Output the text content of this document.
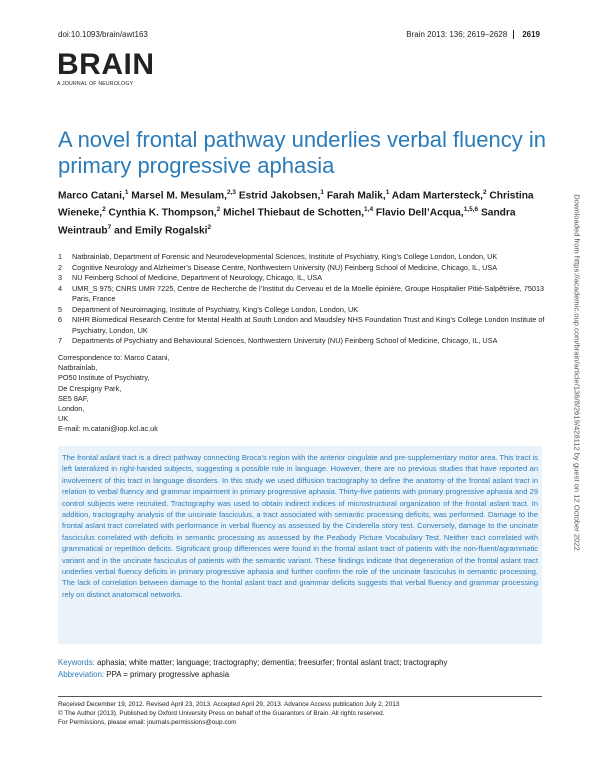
doi:10.1093/brain/awt163	Brain 2013: 136; 2619–2628 2619
BRAIN
A JOURNAL OF NEUROLOGY
A novel frontal pathway underlies verbal fluency in primary progressive aphasia
Marco Catani,$^1$ Marsel M. Mesulam,$^{2,3}$ Estrid Jakobsen,$^1$ Farah Malik,$^1$ Adam Martersteck,$^2$ Christina Wieneke,$^2$ Cynthia K. Thompson,$^2$ Michel Thiebaut de Schotten,$^{1,4}$ Flavio Dell’Acqua,$^{1,5,6}$ Sandra Weintraub$^7$ and Emily Rogalski$^2$
1	Natbrainlab, Department of Forensic and Neurodevelopmental Sciences, Institute of Psychiatry, King’s College London, London, UK
2	Cognitive Neurology and Alzheimer’s Disease Centre, Northwestern University (NU) Feinberg School of Medicine, Chicago, IL, USA
3	NU Feinberg School of Medicine, Department of Neurology, Chicago, IL, USA
4	UMR_S 975; CNRS UMR 7225, Centre de Recherche de l’Institut du Cerveau et de la Moelle épinière, Groupe Hospitalier Pitié-Salpêtrière, 75013 Paris, France
5	Department of Neuroimaging, Institute of Psychiatry, King’s College London, London, UK
6	NIHR Biomedical Research Centre for Mental Health at South London and Maudsley NHS Foundation Trust and King’s College London Institute of Psychiatry, London, UK
7	Departments of Psychiatry and Behavioural Sciences, Northwestern University (NU) Feinberg School of Medicine, Chicago, IL, USA
Correspondence to: Marco Catani,
Natbrainlab,
PO50 Institute of Psychiatry,
De Crespigny Park,
SE5 8AF,
London,
UK
E-mail: m.catani@iop.kcl.ac.uk

The frontal aslant tract is a direct pathway connecting Broca’s region with the anterior cingulate and pre-supplementary motor area. This tract is left lateralized in right-handed subjects, suggesting a possible role in language. However, there are no previous studies that have reported an involvement of this tract in language disorders. In this study we used diffusion tractography to define the anatomy of the frontal aslant tract in relation to verbal fluency and grammar impairment in primary progressive aphasia. Thirty-five patients with primary progressive aphasia and 29 control subjects were recruited. Tractography was used to obtain indirect indices of microstructural organization of the frontal aslant tract. In addition, tractography analysis of the uncinate fasciculus, a tract associated with semantic processing deficits, was performed. Damage to the frontal aslant tract correlated with performance in verbal fluency as assessed by the Cinderella story test. Conversely, damage to the uncinate fasciculus correlated with deficits in semantic processing as assessed by the Peabody Picture Vocabulary Test. Neither tract correlated with grammatical or repetition deficits. Significant group differences were found in the frontal aslant tract of patients with the non-fluent/agrammatic variant and in the uncinate fasciculus of patients with the semantic variant. These findings indicate that degeneration of the frontal aslant tract underlies verbal fluency deficits in primary progressive aphasia and further confirm the role of the uncinate fasciculus in semantic processing. The lack of correlation between damage to the frontal aslant tract and grammar deficits suggests that verbal fluency and grammar processing rely on distinct anatomical networks.

Keywords: aphasia; white matter; language; tractography; dementia; freesurfer; frontal aslant tract; tractography
Abbreviation: PPA = primary progressive aphasia
Received December 19, 2012. Revised April 23, 2013. Accepted April 29, 2013. Advance Access publication July 2, 2013
© The Author (2013). Published by Oxford University Press on behalf of the Guarantors of Brain. All rights reserved.
For Permissions, please email: journals.permissions@oup.com
Downloaded from https://academic.oup.com/brain/article/136/8/2619/428112 by guest on 12 October 2022
